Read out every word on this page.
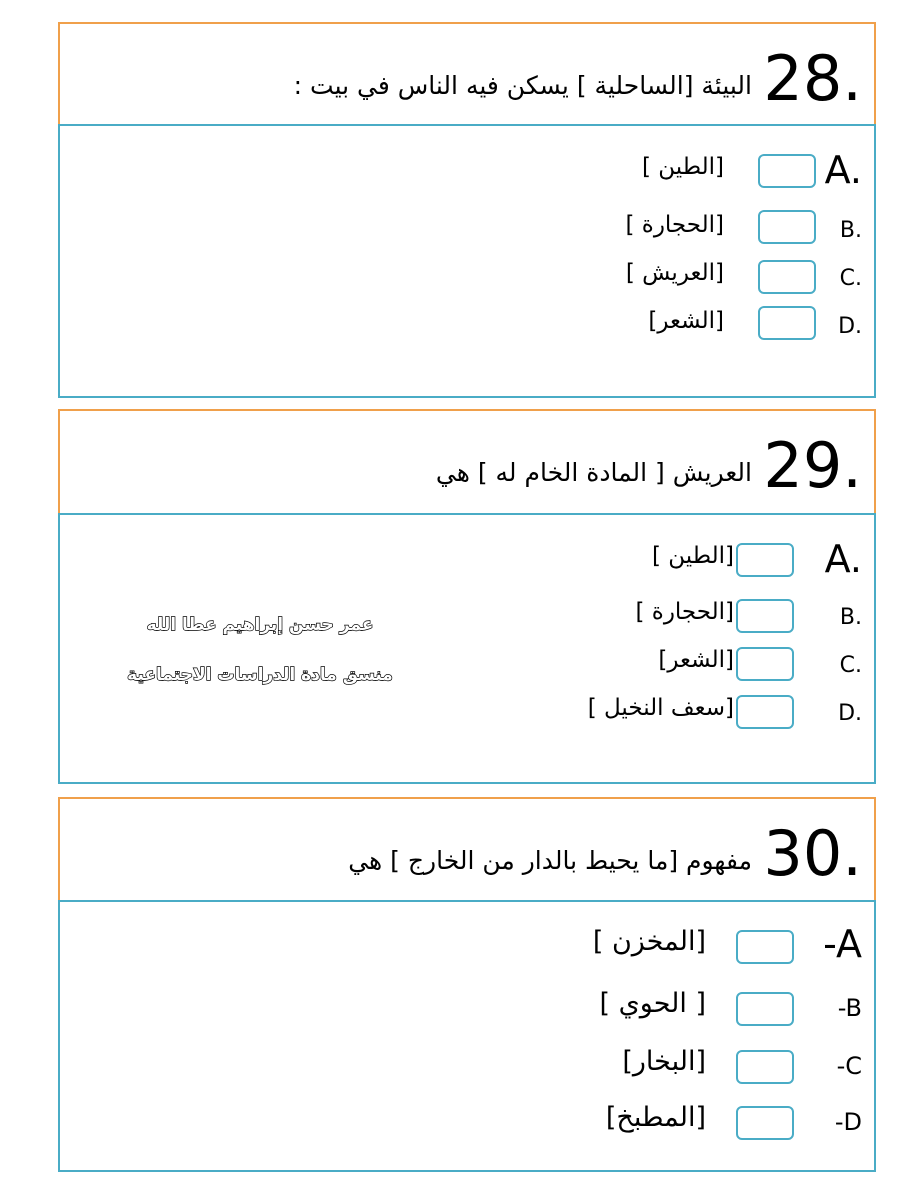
28.
البيئة [الساحلية ] يسكن فيه الناس في بيت :
A.
[الطين ]
B.
[الحجارة ]
C.
[العريش ]
D.
[الشعر]
29.
العريش [ المادة الخام له ] هي
A.
[الطين ]
B.
[الحجارة ]
C.
[الشعر]
D.
[سعف النخيل ]
عمر حسن إبراهيم عطا الله
منسق مادة الدراسات الاجتماعية
30.
مفهوم [ما يحيط بالدار من الخارج ] هي
-A
[المخزن ]
-B
[ الحوي ]
-C
[البخار]
-D
[المطبخ]
